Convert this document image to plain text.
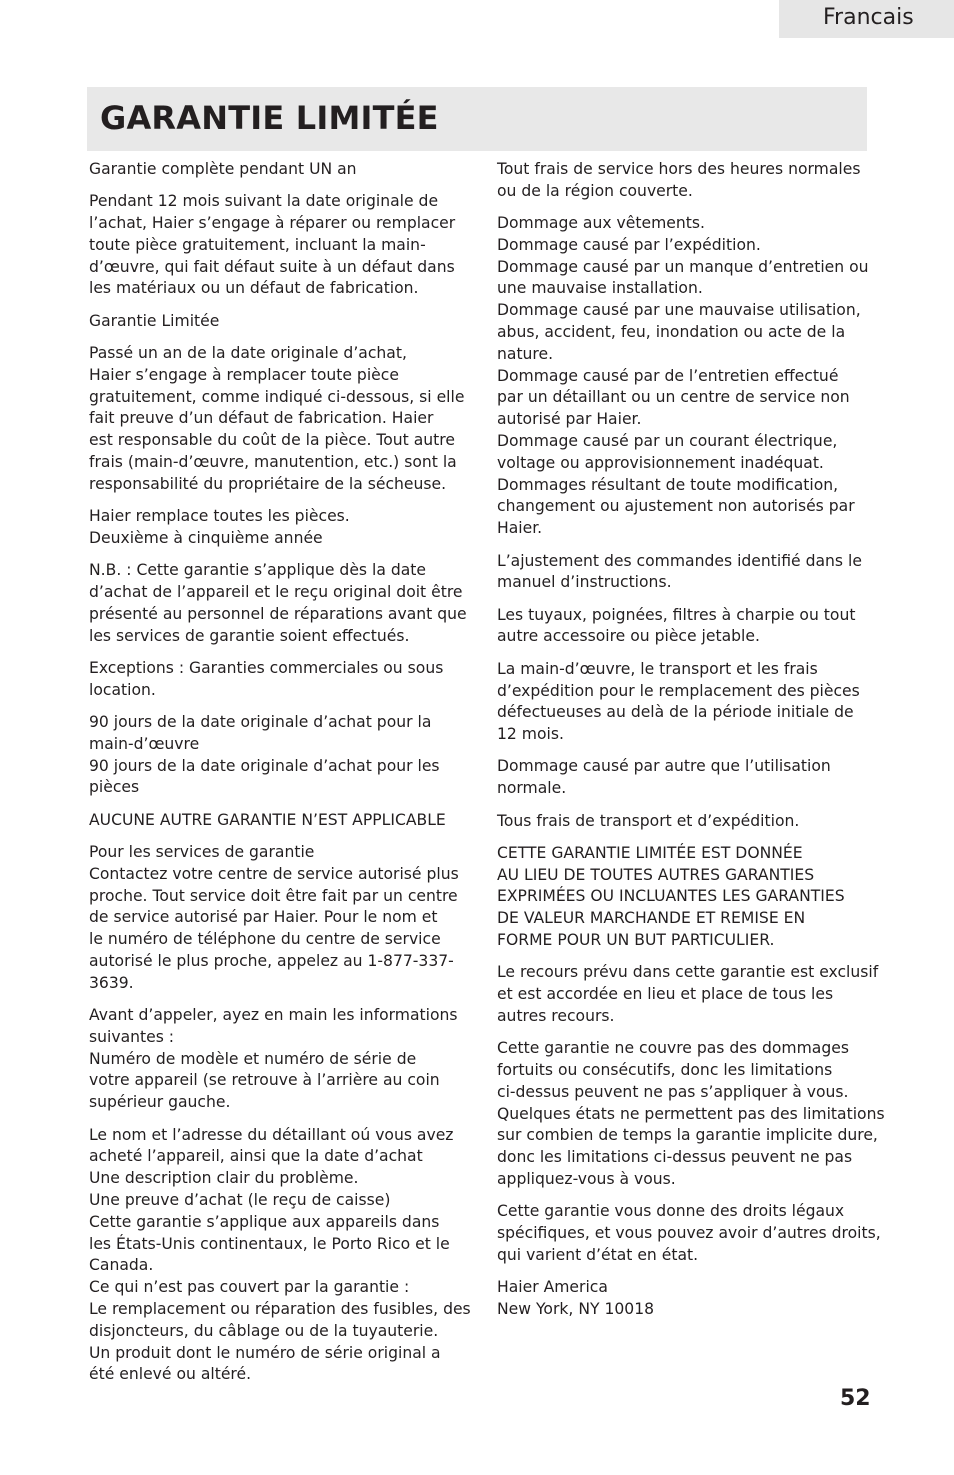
Francais
GARANTIE LIMITÉE

Garantie complète pendant UN an

Pendant 12 mois suivant la date originale de
l’achat, Haier s’engage à réparer ou remplacer
toute pièce gratuitement, incluant la main-
d’œuvre, qui fait défaut suite à un défaut dans
les matériaux ou un défaut de fabrication.

Garantie Limitée

Passé un an de la date originale d’achat,
Haier s’engage à remplacer toute pièce
gratuitement, comme indiqué ci-dessous, si elle
fait preuve d’un défaut de fabrication. Haier
est responsable du coût de la pièce. Tout autre
frais (main-d’œuvre, manutention, etc.) sont la
responsabilité du propriétaire de la sécheuse.

Haier remplace toutes les pièces.
Deuxième à cinquième année

N.B. : Cette garantie s’applique dès la date
d’achat de l’appareil et le reçu original doit être
présenté au personnel de réparations avant que
les services de garantie soient effectués.

Exceptions : Garanties commerciales ou sous
location.

90 jours de la date originale d’achat pour la
main-d’œuvre
90 jours de la date originale d’achat pour les
pièces

AUCUNE AUTRE GARANTIE N’EST APPLICABLE

Pour les services de garantie
Contactez votre centre de service autorisé plus
proche. Tout service doit être fait par un centre
de service autorisé par Haier. Pour le nom et
le numéro de téléphone du centre de service
autorisé le plus proche, appelez au 1-877-337-
3639.

Avant d’appeler, ayez en main les informations
suivantes :
Numéro de modèle et numéro de série de
votre appareil (se retrouve à l’arrière au coin
supérieur gauche.

Le nom et l’adresse du détaillant oú vous avez
acheté l’appareil, ainsi que la date d’achat
Une description clair du problème.
Une preuve d’achat (le reçu de caisse)
Cette garantie s’applique aux appareils dans
les États-Unis continentaux, le Porto Rico et le
Canada.
Ce qui n’est pas couvert par la garantie :
Le remplacement ou réparation des fusibles, des
disjoncteurs, du câblage ou de la tuyauterie.
Un produit dont le numéro de série original a
été enlevé ou altéré.

Tout frais de service hors des heures normales
ou de la région couverte.

Dommage aux vêtements.
Dommage causé par l’expédition.
Dommage causé par un manque d’entretien ou
une mauvaise installation.
Dommage causé par une mauvaise utilisation,
abus, accident, feu, inondation ou acte de la
nature.
Dommage causé par de l’entretien effectué
par un détaillant ou un centre de service non
autorisé par Haier.
Dommage causé par un courant électrique,
voltage ou approvisionnement inadéquat.
Dommages résultant de toute modification,
changement ou ajustement non autorisés par
Haier.

L’ajustement des commandes identifié dans le
manuel d’instructions.

Les tuyaux, poignées, filtres à charpie ou tout
autre accessoire ou pièce jetable.

La main-d’œuvre, le transport et les frais
d’expédition pour le remplacement des pièces
défectueuses au delà de la période initiale de
12 mois.

Dommage causé par autre que l’utilisation
normale.

Tous frais de transport et d’expédition.

CETTE GARANTIE LIMITÉE EST DONNÉE
AU LIEU DE TOUTES AUTRES GARANTIES
EXPRIMÉES OU INCLUANTES LES GARANTIES
DE VALEUR MARCHANDE ET REMISE EN
FORME POUR UN BUT PARTICULIER.

Le recours prévu dans cette garantie est exclusif
et est accordée en lieu et place de tous les
autres recours.

Cette garantie ne couvre pas des dommages
fortuits ou consécutifs, donc les limitations
ci-dessus peuvent ne pas s’appliquer à vous.
Quelques états ne permettent pas des limitations
sur combien de temps la garantie implicite dure,
donc les limitations ci-dessus peuvent ne pas
appliquez-vous à vous.

Cette garantie vous donne des droits légaux
spécifiques, et vous pouvez avoir d’autres droits,
qui varient d’état en état.

Haier America
New York, NY 10018

52
